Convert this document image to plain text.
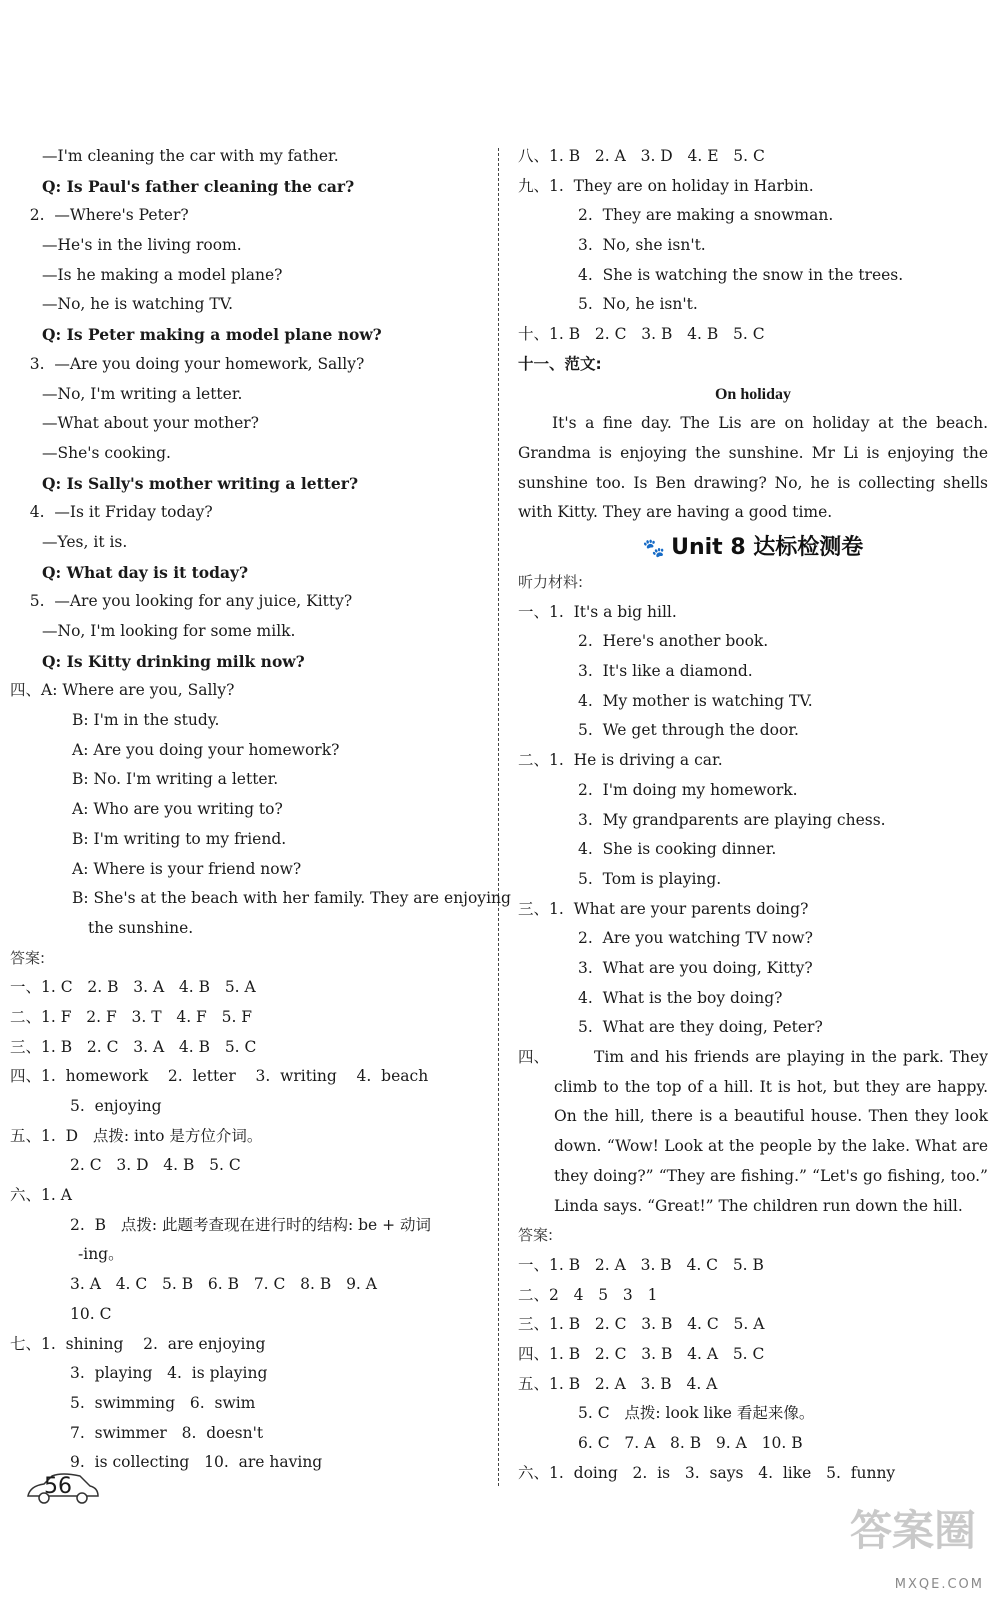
—I'm cleaning the car with my father.
Q: Is Paul's father cleaning the car?
2.  —Where's Peter?
—He's in the living room.
—Is he making a model plane?
—No, he is watching TV.
Q: Is Peter making a model plane now?
3.  —Are you doing your homework, Sally?
—No, I'm writing a letter.
—What about your mother?
—She's cooking.
Q: Is Sally's mother writing a letter?
4.  —Is it Friday today?
—Yes, it is.
Q: What day is it today?
5.  —Are you looking for any juice, Kitty?
—No, I'm looking for some milk.
Q: Is Kitty drinking milk now?
四、A: Where are you, Sally?
B: I'm in the study.
A: Are you doing your homework?
B: No. I'm writing a letter.
A: Who are you writing to?
B: I'm writing to my friend.
A: Where is your friend now?
B: She's at the beach with her family. They are enjoying
the sunshine.
答案:
一、1. C   2. B   3. A   4. B   5. A
二、1. F   2. F   3. T   4. F   5. F
三、1. B   2. C   3. A   4. B   5. C
四、1.  homework    2.  letter    3.  writing    4.  beach
5.  enjoying
五、1.  D   点拨: into 是方位介词。
2. C   3. D   4. B   5. C
六、1. A
2.  B   点拨: 此题考查现在进行时的结构: be + 动词
-ing。
3. A   4. C   5. B   6. B   7. C   8. B   9. A
10. C
七、1.  shining    2.  are enjoying
3.  playing   4.  is playing
5.  swimming   6.  swim
7.  swimmer   8.  doesn't
9.  is collecting   10.  are having
八、1. B   2. A   3. D   4. E   5. C
九、1.  They are on holiday in Harbin.
2.  They are making a snowman.
3.  No, she isn't.
4.  She is watching the snow in the trees.
5.  No, he isn't.
十、1. B   2. C   3. B   4. B   5. C
十一、范文:
On holiday

It's a fine day. The Lis are on holiday at the beach. Grandma is enjoying the sunshine. Mr Li is enjoying the sunshine too. Is Ben drawing? No, he is collecting shells with Kitty. They are having a good time.

🐾 Unit 8 达标检测卷
听力材料:
一、1.  It's a big hill.
2.  Here's another book.
3.  It's like a diamond.
4.  My mother is watching TV.
5.  We get through the door.
二、1.  He is driving a car.
2.  I'm doing my homework.
3.  My grandparents are playing chess.
4.  She is cooking dinner.
5.  Tom is playing.
三、1.  What are your parents doing?
2.  Are you watching TV now?
3.  What are you doing, Kitty?
4.  What is the boy doing?
5.  What are they doing, Peter?
四、	Tim and his friends are playing in the park. They climb to the top of a hill. It is hot, but they are happy. On the hill, there is a beautiful house. Then they look down. “Wow! Look at the people by the lake. What are they doing?” “They are fishing.” “Let's go fishing, too.” Linda says. “Great!” The children run down the hill.

答案:
一、1. B   2. A   3. B   4. C   5. B
二、2   4   5   3   1
三、1. B   2. C   3. B   4. C   5. A
四、1. B   2. C   3. B   4. A   5. C
五、1. B   2. A   3. B   4. A
5. C   点拨: look like 看起来像。
6. C   7. A   8. B   9. A   10. B
六、1.  doing   2.  is   3.  says   4.  like   5.  funny
56
答案圈
MXQE.COM
